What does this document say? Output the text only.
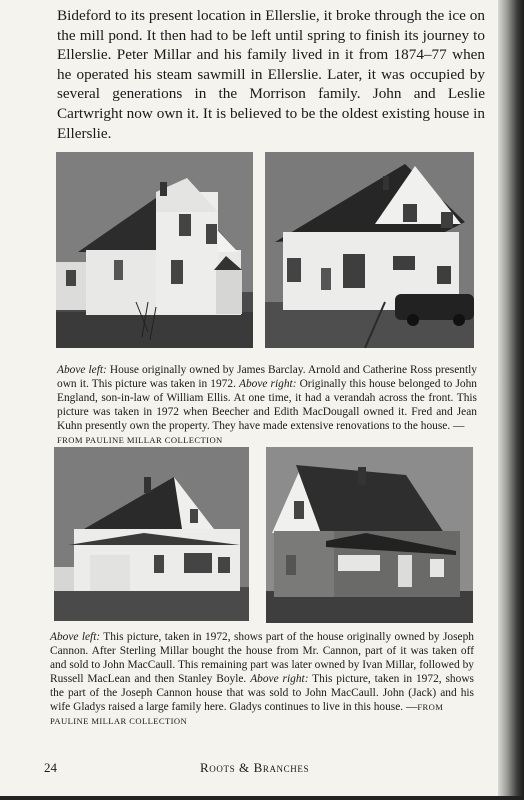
Bideford to its present location in Ellerslie, it broke through the ice on the mill pond. It then had to be left until spring to finish its journey to Ellerslie. Peter Millar and his family lived in it from 1874–77 when he operated his steam sawmill in Ellerslie. Later, it was occupied by several generations in the Morrison family. John and Leslie Cartwright now own it. It is believed to be the oldest existing house in Ellerslie.

Above left: House originally owned by James Barclay. Arnold and Catherine Ross presently own it. This picture was taken in 1972. Above right: Originally this house belonged to John England, son-in-law of William Ellis. At one time, it had a verandah across the front. This picture was taken in 1972 when Beecher and Edith MacDougall owned it. Fred and Jean Kuhn presently own the property. They have made extensive renovations to the house. —
FROM PAULINE MILLAR COLLECTION

Above left: This picture, taken in 1972, shows part of the house originally owned by Joseph Cannon. After Sterling Millar bought the house from Mr. Cannon, part of it was taken off and sold to John MacCaull. This remaining part was later owned by Ivan Millar, followed by Russell MacLean and then Stanley Boyle. Above right: This picture, taken in 1972, shows the part of the Joseph Cannon house that was sold to John MacCaull. John (Jack) and his wife Gladys raised a large family here. Gladys continues to live in this house. —FROM
PAULINE MILLAR COLLECTION

24	Roots & Branches
